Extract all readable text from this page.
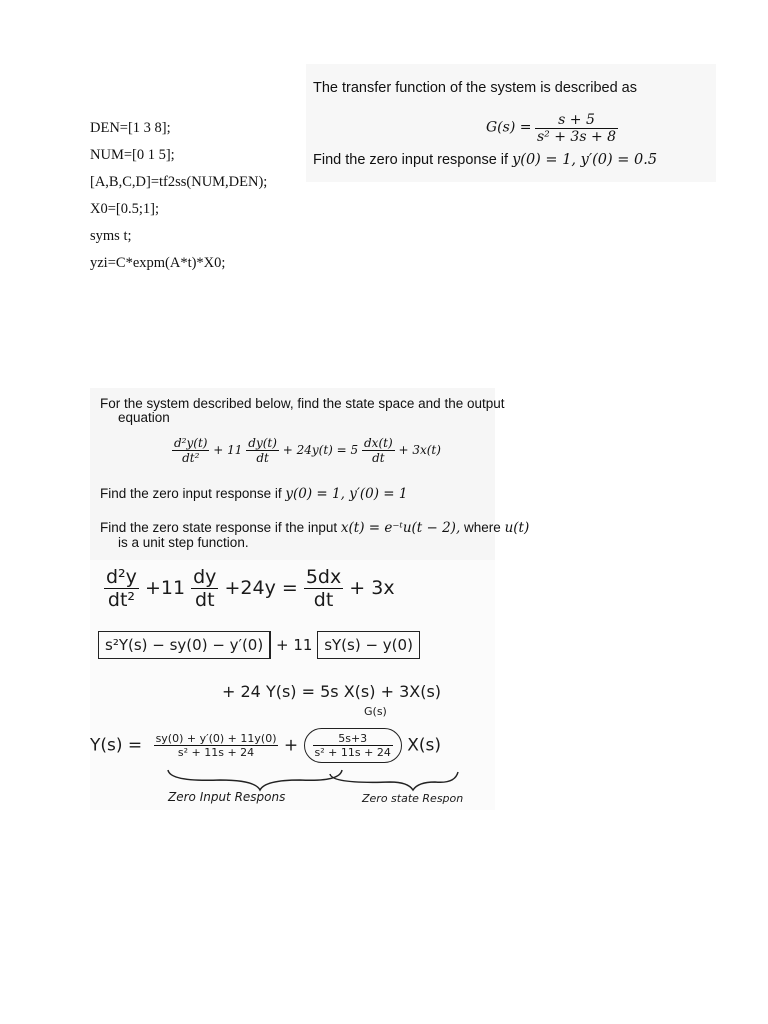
DEN=[1 3 8];
NUM=[0 1 5];
[A,B,C,D]=tf2ss(NUM,DEN);
X0=[0.5;1];
syms t;
yzi=C*expm(A*t)*X0;
The transfer function of the system is described as
$G(s) = \frac{s + 5}{\text{s² + 3s + 8}}$
Find the zero input response if y(0) = 1, y′(0) = 0.5
For the system described below, find the state space and the output
equation
$\frac{\text{d²y(t)}}{\text{dt²}} + 11 \frac{dy(t)}{dt} + 24y(t) = 5 \frac{dx(t)}{dt} + 3x(t)$
Find the zero input response if y(0) = 1, y′(0) = 1
Find the zero state response if the input x(t) = e⁻ᵗu(t − 2), where u(t)
is a unit step function.
$\frac{\text{d²y}}{\text{dt²}} +11 \frac{dy}{dt} +24y = \frac{5dx}{dt} + 3x$
s²Y(s) − sy(0) − y′(0) + 11 sY(s) − y(0)
+ 24 Y(s) = 5s X(s) + 3X(s)
G(s)
$Y(s) = \frac{sy(0) + y'(0) + 11y(0)}{\text{s² + 11s + 24}} + \frac{5s+3}{\text{s² + 11s + 24}} X(s)$
Zero Input Respons	Zero state Respon
